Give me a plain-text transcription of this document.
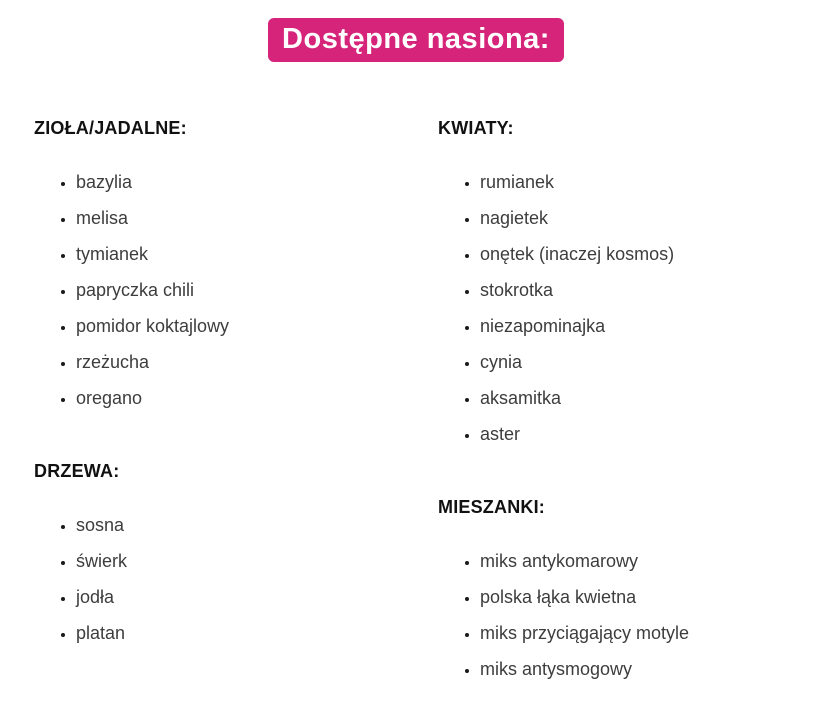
Dostępne nasiona:

ZIOŁA/JADALNE:

• bazylia
• melisa
• tymianek
• papryczka chili
• pomidor koktajlowy
• rzeżucha
• oregano

DRZEWA:

• sosna
• świerk
• jodła
• platan

KWIATY:

• rumianek
• nagietek
• onętek (inaczej kosmos)
• stokrotka
• niezapominajka
• cynia
• aksamitka
• aster

MIESZANKI:

• miks antykomarowy
• polska łąka kwietna
• miks przyciągający motyle
• miks antysmogowy
